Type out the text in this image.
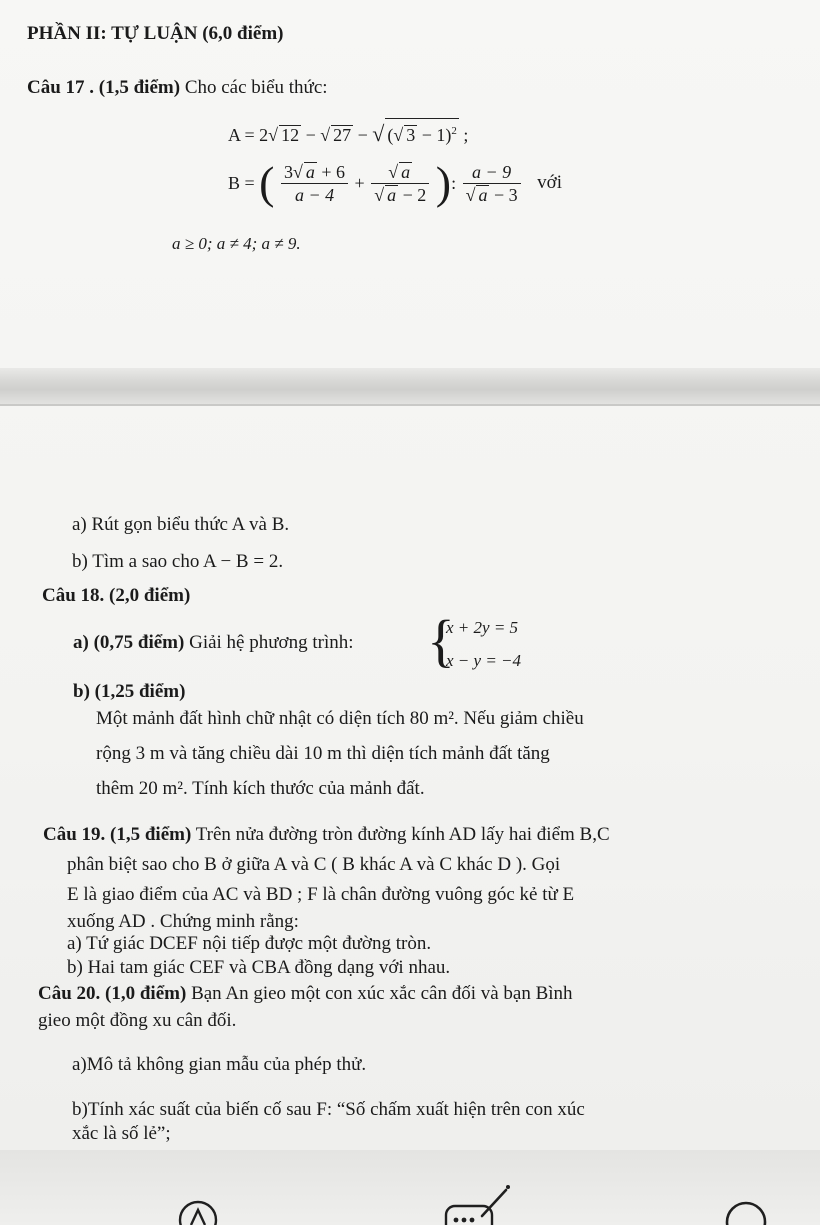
PHẦN II: TỰ LUẬN (6,0 điểm)
Câu 17 . (1,5 điểm) Cho các biểu thức:
A = 2√ 12 − √ 27 − √ (√ 3 − 1)$^2$ ;
B = ( $\frac{3√ a + 6}{a - 4} + \frac{√ a}{√ a - 2}$ ): $\frac{a - 9}{√ a - 3}$ với
a ≥ 0; a ≠ 4; a ≠ 9.
a) Rút gọn biểu thức A và B.
b) Tìm a sao cho A − B = 2.
Câu 18. (2,0 điểm)
a) (0,75 điểm) Giải hệ phương trình: {
x + 2y = 5
x − y = −4
b) (1,25 điểm)
Một mảnh đất hình chữ nhật có diện tích 80 m². Nếu giảm chiều
rộng 3 m và tăng chiều dài 10 m thì diện tích mảnh đất tăng
thêm 20 m². Tính kích thước của mảnh đất.
Câu 19. (1,5 điểm) Trên nửa đường tròn đường kính AD lấy hai điểm B,C
phân biệt sao cho B ở giữa A và C ( B khác A và C khác D ). Gọi
E là giao điểm của AC và BD ; F là chân đường vuông góc kẻ từ E
xuống AD . Chứng minh rằng:
a) Tứ giác DCEF nội tiếp được một đường tròn.
b) Hai tam giác CEF và CBA đồng dạng với nhau.
Câu 20. (1,0 điểm) Bạn An gieo một con xúc xắc cân đối và bạn Bình
gieo một đồng xu cân đối.
a)Mô tả không gian mẫu của phép thử.
b)Tính xác suất của biến cố sau F: “Số chấm xuất hiện trên con xúc
xắc là số lẻ”;
